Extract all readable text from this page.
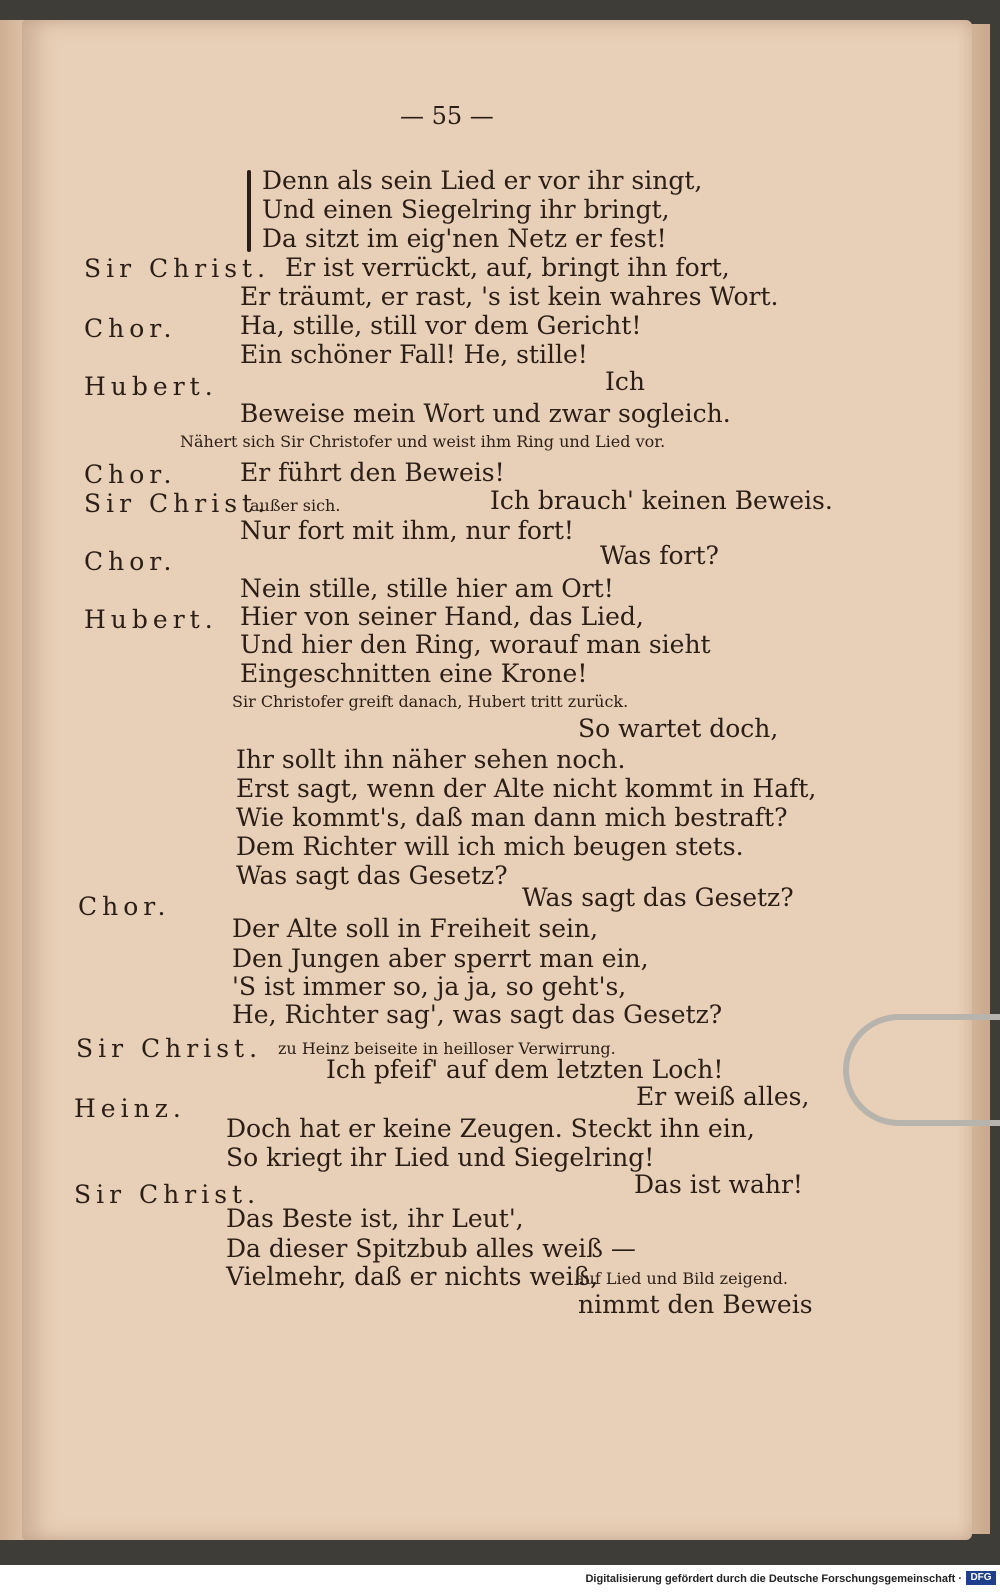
— 55 —
Denn als sein Lied er vor ihr singt,
Und einen Siegelring ihr bringt,
Da sitzt im eig'nen Netz er fest!
Sir Christ. Er ist verrückt, auf, bringt ihn fort,
Er träumt, er rast, 's ist kein wahres Wort.
Chor.	Ha, stille, still vor dem Gericht!
Ein schöner Fall! He, stille!
Hubert.	Ich
Beweise mein Wort und zwar sogleich.
Nähert sich Sir Christofer und weist ihm Ring und Lied vor.
Chor.	Er führt den Beweis!
Sir Christ.
außer sich.	Ich brauch' keinen Beweis.
Nur fort mit ihm, nur fort!
Chor.	Was fort?
Nein stille, stille hier am Ort!
Hubert. Hier von seiner Hand, das Lied,
Und hier den Ring, worauf man sieht
Eingeschnitten eine Krone!
Sir Christofer greift danach, Hubert tritt zurück.
So wartet doch,
Ihr sollt ihn näher sehen noch.
Erst sagt, wenn der Alte nicht kommt in Haft,
Wie kommt's, daß man dann mich bestraft?
Dem Richter will ich mich beugen stets.
Was sagt das Gesetz?
Was sagt das Gesetz?
Chor.
Der Alte soll in Freiheit sein,
Den Jungen aber sperrt man ein,
'S ist immer so, ja ja, so geht's,
He, Richter sag', was sagt das Gesetz?
Sir Christ. zu Heinz beiseite in heilloser Verwirrung.
Ich pfeif' auf dem letzten Loch!
Er weiß alles,
Heinz.
Doch hat er keine Zeugen. Steckt ihn ein,
So kriegt ihr Lied und Siegelring!
Das ist wahr!
Sir Christ.
Das Beste ist, ihr Leut',
Da dieser Spitzbub alles weiß —
Vielmehr, daß er nichts weiß,
auf Lied und Bild zeigend.
nimmt den Beweis
Digitalisierung gefördert durch die Deutsche Forschungsgemeinschaft · DFG
